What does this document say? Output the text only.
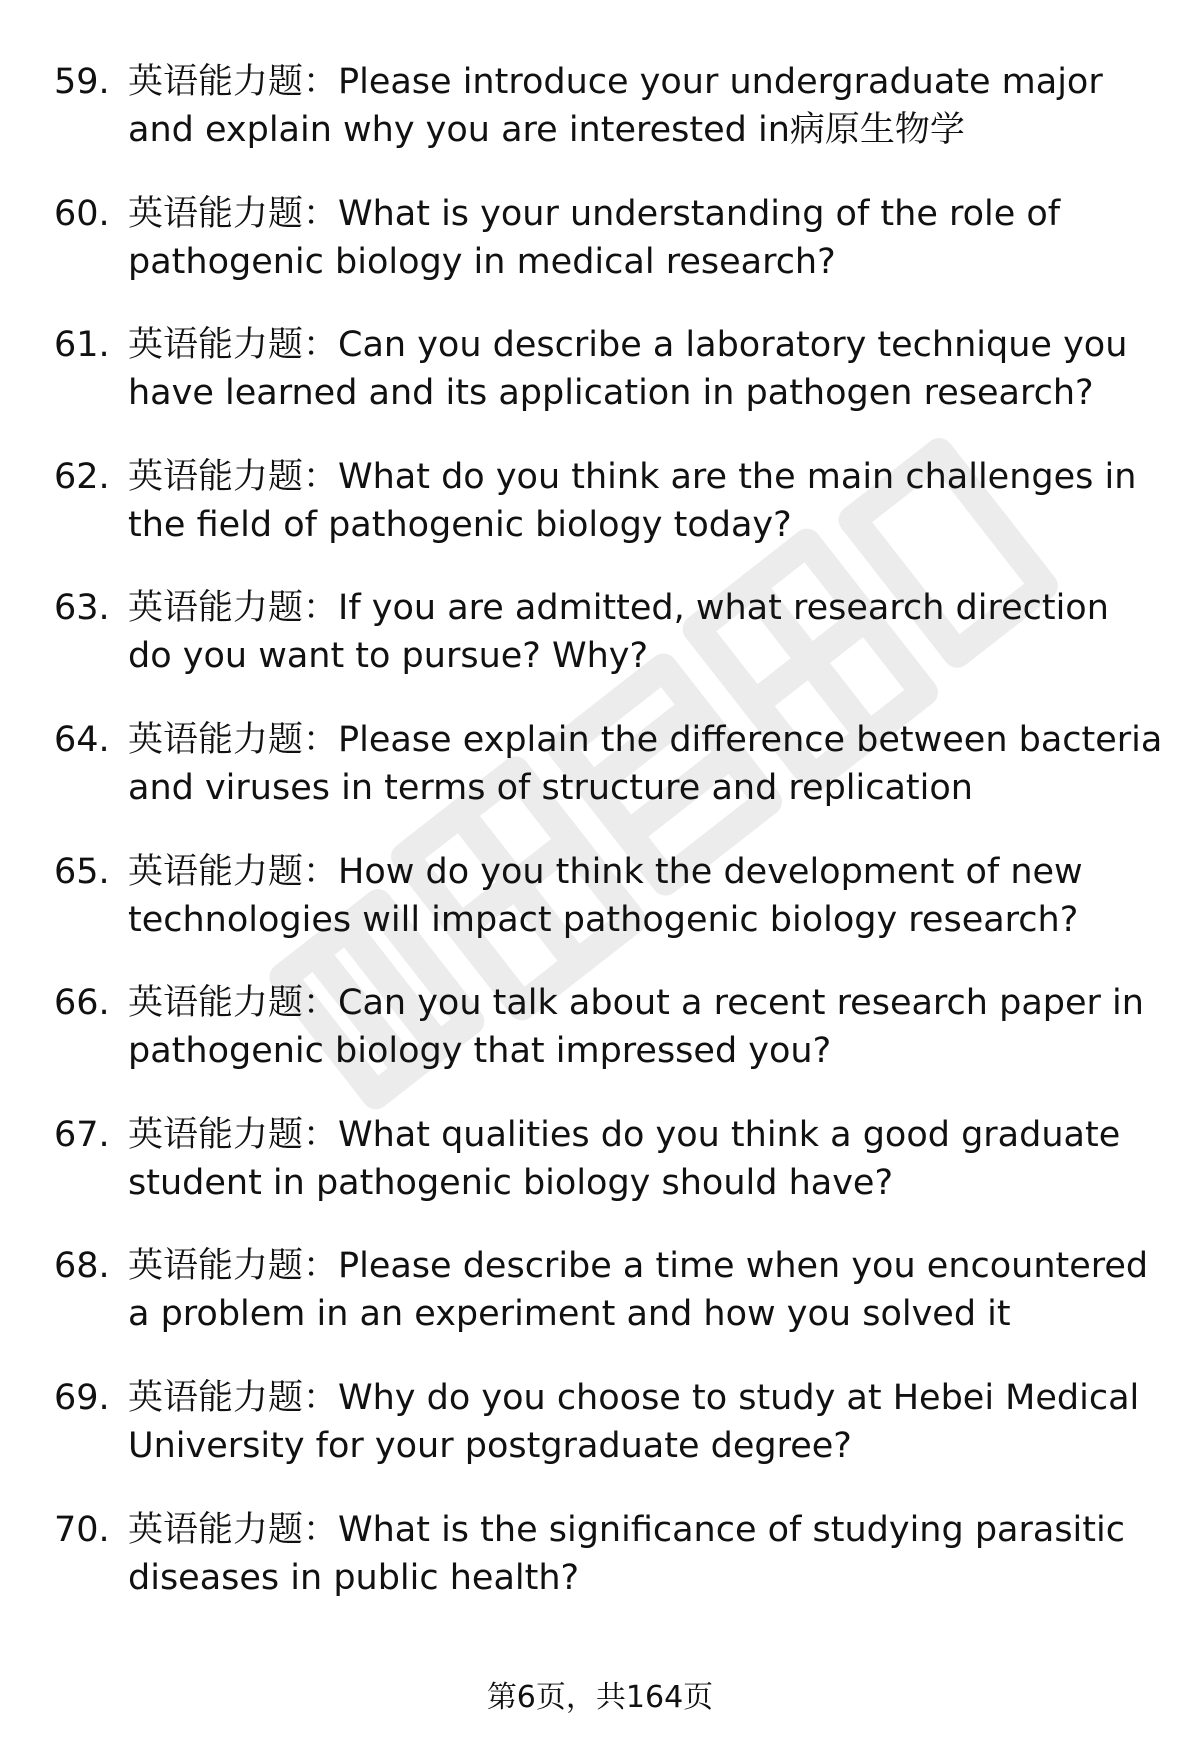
59. 英语能力题：Please introduce your undergraduate major and explain why you are interested in病原生物学
60. 英语能力题：What is your understanding of the role of pathogenic biology in medical research?
61. 英语能力题：Can you describe a laboratory technique you have learned and its application in pathogen research?
62. 英语能力题：What do you think are the main challenges in the field of pathogenic biology today?
63. 英语能力题：If you are admitted, what research direction do you want to pursue? Why?
64. 英语能力题：Please explain the difference between bacteria and viruses in terms of structure and replication
65. 英语能力题：How do you think the development of new technologies will impact pathogenic biology research?
66. 英语能力题：Can you talk about a recent research paper in pathogenic biology that impressed you?
67. 英语能力题：What qualities do you think a good graduate student in pathogenic biology should have?
68. 英语能力题：Please describe a time when you encountered a problem in an experiment and how you solved it
69. 英语能力题：Why do you choose to study at Hebei Medical University for your postgraduate degree?
70. 英语能力题：What is the significance of studying parasitic diseases in public health?
第6页，共164页
